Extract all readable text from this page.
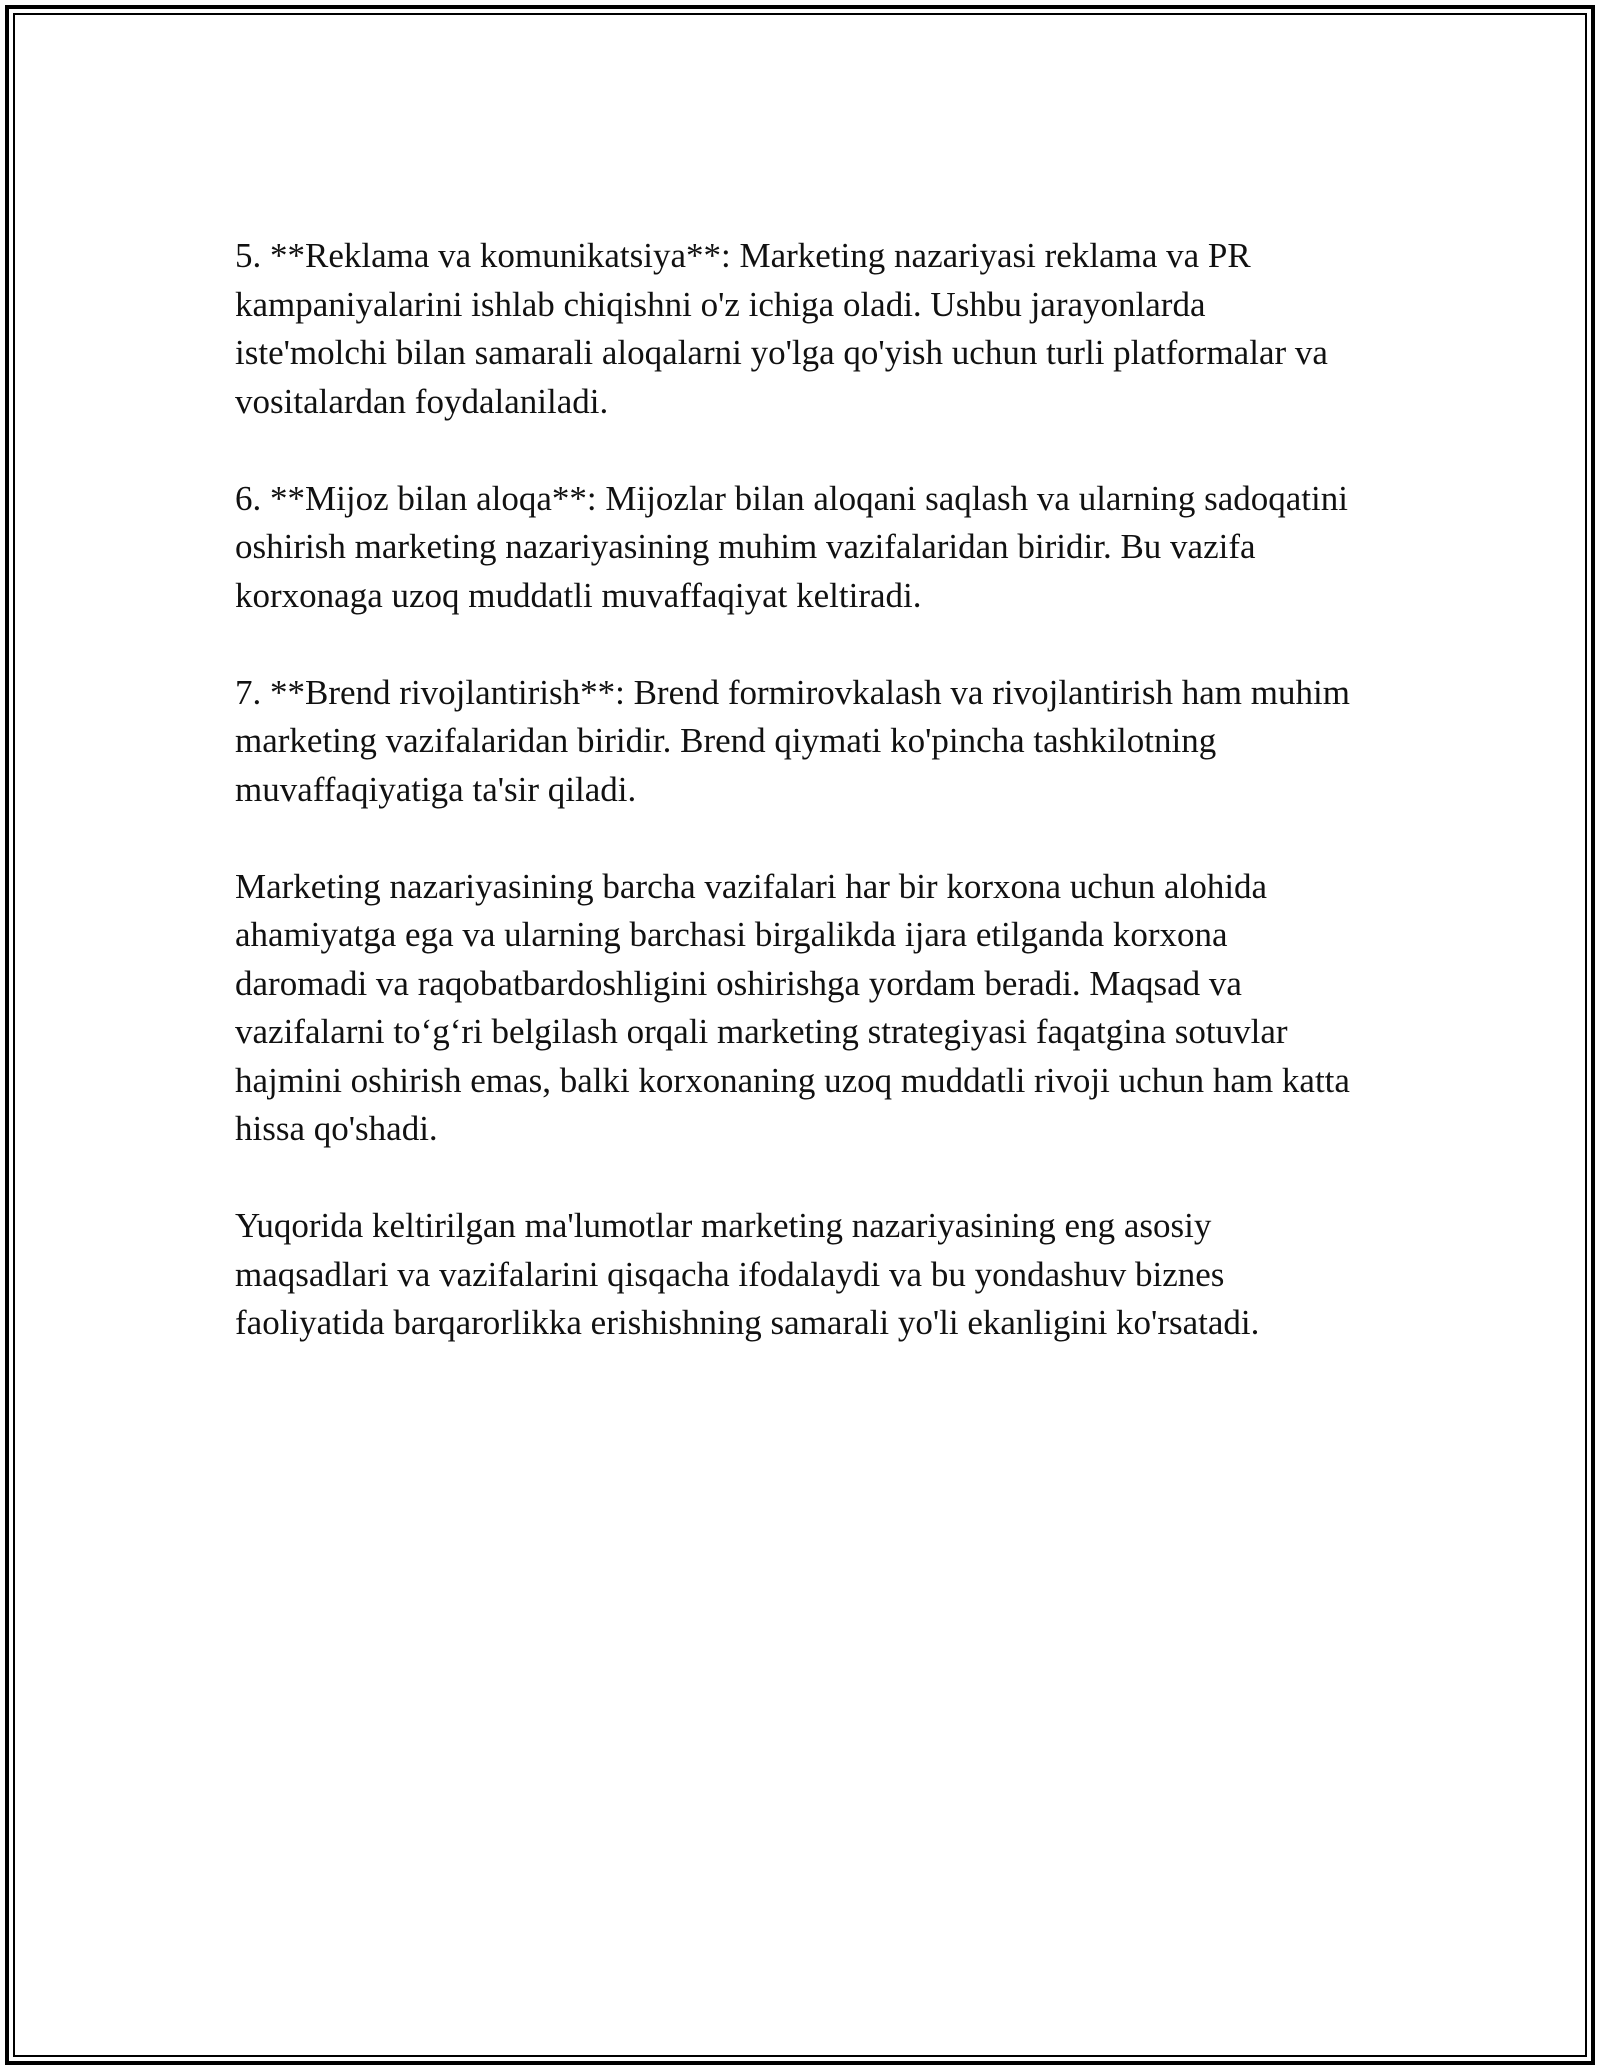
5. **Reklama va komunikatsiya**: Marketing nazariyasi reklama va PR kampaniyalarini ishlab chiqishni o'z ichiga oladi. Ushbu jarayonlarda iste'molchi bilan samarali aloqalarni yo'lga qo'yish uchun turli platformalar va vositalardan foydalaniladi.

6. **Mijoz bilan aloqa**: Mijozlar bilan aloqani saqlash va ularning sadoqatini oshirish marketing nazariyasining muhim vazifalaridan biridir. Bu vazifa korxonaga uzoq muddatli muvaffaqiyat keltiradi.

7. **Brend rivojlantirish**: Brend formirovkalash va rivojlantirish ham muhim marketing vazifalaridan biridir. Brend qiymati ko'pincha tashkilotning muvaffaqiyatiga ta'sir qiladi.

Marketing nazariyasining barcha vazifalari har bir korxona uchun alohida ahamiyatga ega va ularning barchasi birgalikda ijara etilganda korxona daromadi va raqobatbardoshligini oshirishga yordam beradi. Maqsad va vazifalarni to‘g‘ri belgilash orqali marketing strategiyasi faqatgina sotuvlar hajmini oshirish emas, balki korxonaning uzoq muddatli rivoji uchun ham katta hissa qo'shadi.

Yuqorida keltirilgan ma'lumotlar marketing nazariyasining eng asosiy maqsadlari va vazifalarini qisqacha ifodalaydi va bu yondashuv biznes faoliyatida barqarorlikka erishishning samarali yo'li ekanligini ko'rsatadi.
